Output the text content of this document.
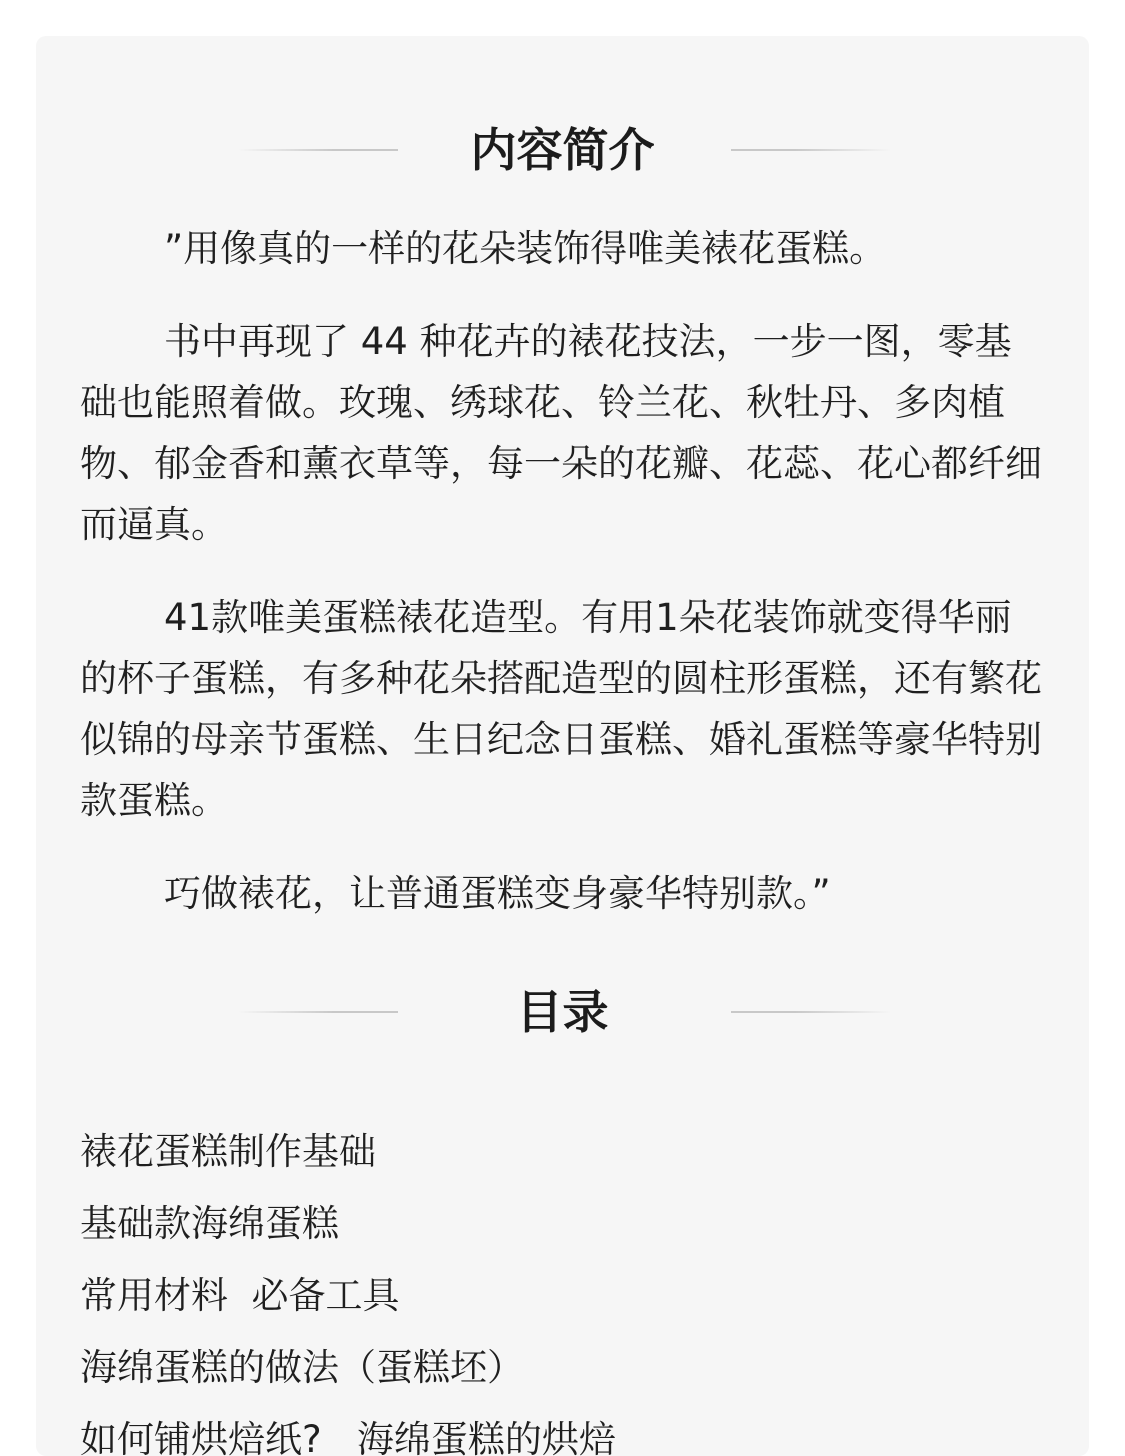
内容简介

”用像真的一样的花朵装饰得唯美裱花蛋糕。

书中再现了 44 种花卉的裱花技法，一步一图，零基础也能照着做。玫瑰、绣球花、铃兰花、秋牡丹、多肉植物、郁金香和薰衣草等，每一朵的花瓣、花蕊、花心都纤细而逼真。

41款唯美蛋糕裱花造型。有用1朵花装饰就变得华丽的杯子蛋糕，有多种花朵搭配造型的圆柱形蛋糕，还有繁花似锦的母亲节蛋糕、生日纪念日蛋糕、婚礼蛋糕等豪华特别款蛋糕。

巧做裱花，让普通蛋糕变身豪华特别款。”

目录
裱花蛋糕制作基础
基础款海绵蛋糕
常用材料  必备工具
海绵蛋糕的做法（蛋糕坯）
如何铺烘焙纸?   海绵蛋糕的烘焙
